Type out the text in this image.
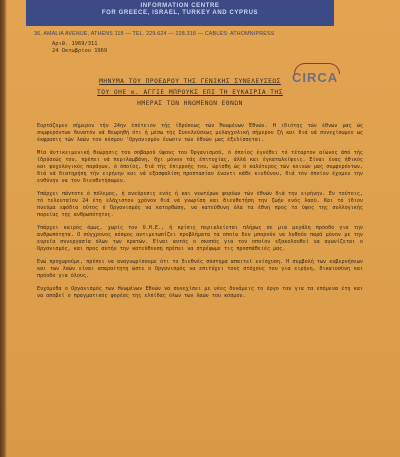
INFORMATION CENTRE
FOR GREECE, ISRAEL, TURKEY AND CYPRUS
36, AMALIA AVENUE, ATHENS 118 — TEL. 229.624 — 228.318 — CABLES: ATHOMNIPRESS
Αριθ. 1969/311
24 Οκτωβρίου 1969
CIRCA
ΜΗΝΥΜΑ ΤΟΥ ΠΡΟΕΔΡΟΥ ΤΗΣ ΓΕΝΙΚΗΣ ΣΥΝΕΛΕΥΣΕΩΣ
ΤΟΥ ΟΗΕ κ. ΑΓΓΙΕ ΜΠΡΟΥΚΣ ΕΠΙ ΤΗ ΕΥΚΑΙΡΙΑ ΤΗΣ
ΗΜΕΡΑΣ ΤΩΝ ΗΝΩΜΕΝΩΝ ΕΘΝΩΝ

Εορτάζομεν σήμερον τήν 24ην έπέτειον τής ίδρύσεως τών Ήνωμένων Έθνών. Η ιδιότης τών έθνών μας ώς συμφερόντων δυνατόν νά θεωρηθή ότι ή μέσω τής Συνελεύσεως μελαγχολική σήμερον ζή και διά νά συνεχίσωμεν ως έκφρασις τών λαών του κόσμου 'Οργανισμόν ένωσιν τών έθνών μας έξελίσσεται.

Μία άντικειμενική θεώρησις του σοβαρού ύφους του Όργανισμού, ό όποίος έγνέθει τό τέταρτον αίώνος άπό τής ίδρύσεώς του, πρέπει νά περιλαμβάνη, δχι μόνον τάς έπιτυχίας, άλλά και έγκαταλείψεις. Είναι ένας ήθικός και ψυχολογικός παράγων, ό όποίος, διά τής έπιρροής του, ώρίσθη ώς ό καλύτερος τών κοινών μας συμφερόντων, διά νά διατηρήση τήν ειρήνην και νά εξασφαλίση προστασίαν έναντι κάθε κινδύνου, διά τόν όποίον έχομεν την ευθύνην να τον διευθετήσωμεν.

Υπάρχει πάντοτε ό πόλεμος, ή ανεύρεσις ενός ή και νεωτέρων φορέων τών έθνών διά την ειρήνην. Εν τούτοις, τό τελευταίον 24 έτη ελάχιστον χρόνον διά νά γνωρίση και διευθετήση την ζωήν ενός λαού. Και τό ίδιον πνεύμα εφόδια ούτος ό Όργανισμός να κατορθώση, να κατεύθυνη όλα τα έθνη προς το ύψος της συλλογικής πορείας της ανθρωπότητος.

Υπάρχει καιρός όμως, χωρίς τον Ο.Η.Ε., ή κρίσις περικλείεται πλήρως σε μια μεγάλη πρόοδο για την ανθρωπότητα. Ο σύγχρονος κόσμος αντιμετωπίζει προβλήματα τα οποία δεν μπορούν να λυθούν παρά μόνον με την ευρεία συνεργασία όλων των κρατών. Είναι αυτός ο σκοπός για τον οποίον εξακολουθεί να αγωνίζεται ο Οργανισμός, και προς αυτήν την κατεύθυνση πρέπει να στρέψωμε τις προσπάθειές μας.

Ενώ προχωρούμε, πρέπει να αναγνωρίσουμε ότι το διεθνές σύστημα απαιτεί ενίσχυση. Η συμβολή των κυβερνήσεων και των λαών είναι απαραίτητη ώστε ο Οργανισμός να επιτύχει τους στόχους του για ειρήνη, δικαιοσύνη και πρόοδο για όλους.

Ευχόμεθα ο Οργανισμός των Ηνωμένων Εθνών να συνεχίσει με νέες δυνάμεις το έργο του για τα επόμενα έτη και να αποβεί ο πραγματικός φορέας της ελπίδας όλων των λαών του κόσμου.
